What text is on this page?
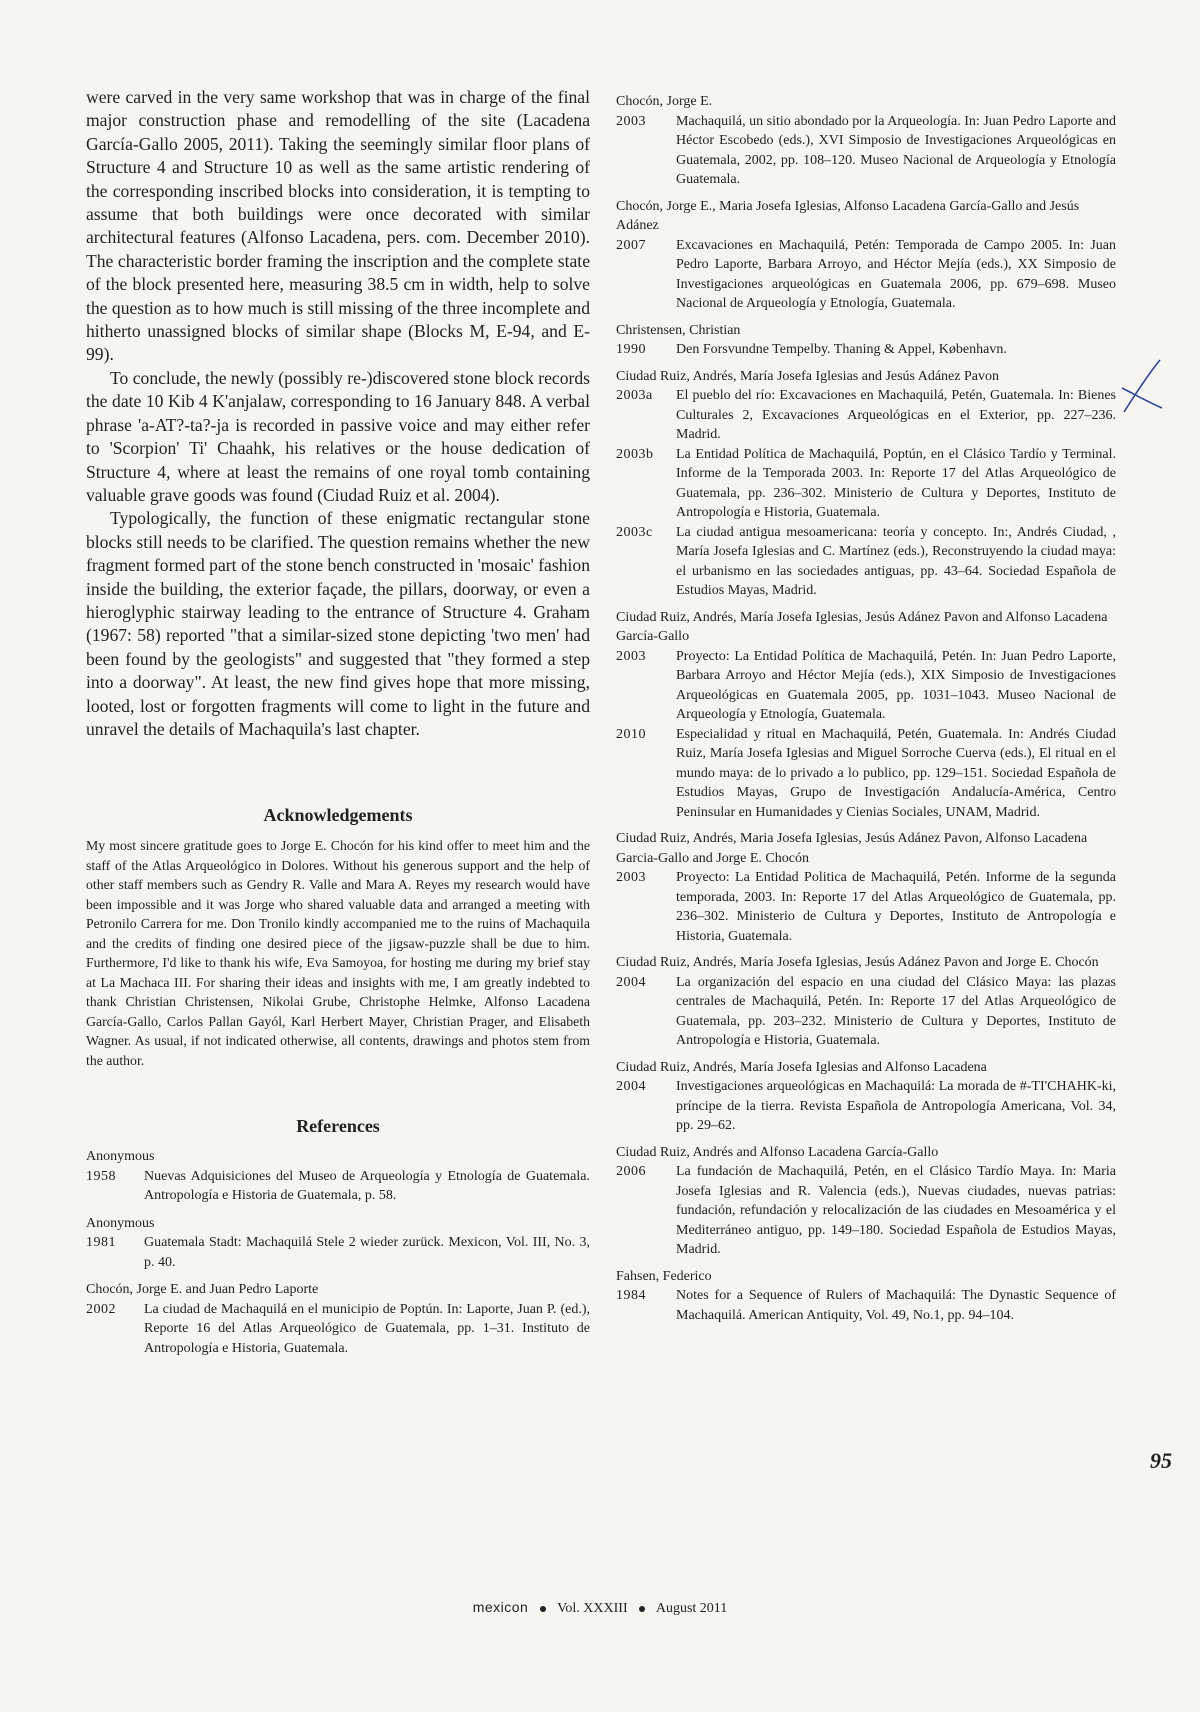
were carved in the very same workshop that was in charge of the final major construction phase and remodelling of the site (Lacadena García-Gallo 2005, 2011). Taking the seemingly similar floor plans of Structure 4 and Structure 10 as well as the same artistic rendering of the corresponding inscribed blocks into consideration, it is tempting to assume that both buildings were once decorated with similar architectural features (Alfonso Lacadena, pers. com. December 2010). The characteristic border framing the inscription and the complete state of the block presented here, measuring 38.5 cm in width, help to solve the question as to how much is still missing of the three incomplete and hitherto unassigned blocks of similar shape (Blocks M, E-94, and E-99).

To conclude, the newly (possibly re-)discovered stone block records the date 10 Kib 4 K'anjalaw, corresponding to 16 January 848. A verbal phrase 'a-AT?-ta?-ja is recorded in passive voice and may either refer to 'Scorpion' Ti' Chaahk, his relatives or the house dedication of Structure 4, where at least the remains of one royal tomb containing valuable grave goods was found (Ciudad Ruiz et al. 2004).

Typologically, the function of these enigmatic rectangular stone blocks still needs to be clarified. The question remains whether the new fragment formed part of the stone bench constructed in 'mosaic' fashion inside the building, the exterior façade, the pillars, doorway, or even a hieroglyphic stairway leading to the entrance of Structure 4. Graham (1967: 58) reported "that a similar-sized stone depicting 'two men' had been found by the geologists" and suggested that "they formed a step into a doorway". At least, the new find gives hope that more missing, looted, lost or forgotten fragments will come to light in the future and unravel the details of Machaquila's last chapter.

Acknowledgements

My most sincere gratitude goes to Jorge E. Chocón for his kind offer to meet him and the staff of the Atlas Arqueológico in Dolores. Without his generous support and the help of other staff members such as Gendry R. Valle and Mara A. Reyes my research would have been impossible and it was Jorge who shared valuable data and arranged a meeting with Petronilo Carrera for me. Don Tronilo kindly accompanied me to the ruins of Machaquila and the credits of finding one desired piece of the jigsaw-puzzle shall be due to him. Furthermore, I'd like to thank his wife, Eva Samoyoa, for hosting me during my brief stay at La Machaca III. For sharing their ideas and insights with me, I am greatly indebted to thank Christian Christensen, Nikolai Grube, Christophe Helmke, Alfonso Lacadena García-Gallo, Carlos Pallan Gayól, Karl Herbert Mayer, Christian Prager, and Elisabeth Wagner. As usual, if not indicated otherwise, all contents, drawings and photos stem from the author.

References
Anonymous
1958	Nuevas Adquisiciones del Museo de Arqueología y Etnología de Guatemala. Antropología e Historia de Guatemala, p. 58.
Anonymous
1981	Guatemala Stadt: Machaquilá Stele 2 wieder zurück. Mexicon, Vol. III, No. 3, p. 40.
Chocón, Jorge E. and Juan Pedro Laporte
2002	La ciudad de Machaquilá en el municipio de Poptún. In: Laporte, Juan P. (ed.), Reporte 16 del Atlas Arqueológico de Guatemala, pp. 1–31. Instituto de Antropología e Historia, Guatemala.
Chocón, Jorge E.
2003	Machaquilá, un sitio abondado por la Arqueología. In: Juan Pedro Laporte and Héctor Escobedo (eds.), XVI Simposio de Investigaciones Arqueológicas en Guatemala, 2002, pp. 108–120. Museo Nacional de Arqueología y Etnología Guatemala.
Chocón, Jorge E., Maria Josefa Iglesias, Alfonso Lacadena García-Gallo and Jesús Adánez
2007	Excavaciones en Machaquilá, Petén: Temporada de Campo 2005. In: Juan Pedro Laporte, Barbara Arroyo, and Héctor Mejía (eds.), XX Simposio de Investigaciones arqueológicas en Guatemala 2006, pp. 679–698. Museo Nacional de Arqueología y Etnología, Guatemala.
Christensen, Christian
1990	Den Forsvundne Tempelby. Thaning & Appel, København.
Ciudad Ruiz, Andrés, María Josefa Iglesias and Jesús Adánez Pavon
2003a	El pueblo del río: Excavaciones en Machaquilá, Petén, Guatemala. In: Bienes Culturales 2, Excavaciones Arqueológicas en el Exterior, pp. 227–236. Madrid.
2003b	La Entidad Política de Machaquilá, Poptún, en el Clásico Tardío y Terminal. Informe de la Temporada 2003. In: Reporte 17 del Atlas Arqueológico de Guatemala, pp. 236–302. Ministerio de Cultura y Deportes, Instituto de Antropología e Historia, Guatemala.
2003c	La ciudad antigua mesoamericana: teoría y concepto. In:, Andrés Ciudad, , María Josefa Iglesias and C. Martínez (eds.), Reconstruyendo la ciudad maya: el urbanismo en las sociedades antiguas, pp. 43–64. Sociedad Española de Estudios Mayas, Madrid.
Ciudad Ruiz, Andrés, María Josefa Iglesias, Jesús Adánez Pavon and Alfonso Lacadena García-Gallo
2003	Proyecto: La Entidad Política de Machaquilá, Petén. In: Juan Pedro Laporte, Barbara Arroyo and Héctor Mejía (eds.), XIX Simposio de Investigaciones Arqueológicas en Guatemala 2005, pp. 1031–1043. Museo Nacional de Arqueología y Etnología, Guatemala.
2010	Especialidad y ritual en Machaquilá, Petén, Guatemala. In: Andrés Ciudad Ruiz, María Josefa Iglesias and Miguel Sorroche Cuerva (eds.), El ritual en el mundo maya: de lo privado a lo publico, pp. 129–151. Sociedad Española de Estudios Mayas, Grupo de Investigación Andalucía-América, Centro Peninsular en Humanidades y Cienias Sociales, UNAM, Madrid.
Ciudad Ruiz, Andrés, Maria Josefa Iglesias, Jesús Adánez Pavon, Alfonso Lacadena Garcia-Gallo and Jorge E. Chocón
2003	Proyecto: La Entidad Politica de Machaquilá, Petén. Informe de la segunda temporada, 2003. In: Reporte 17 del Atlas Arqueológico de Guatemala, pp. 236–302. Ministerio de Cultura y Deportes, Instituto de Antropología e Historia, Guatemala.
Ciudad Ruiz, Andrés, María Josefa Iglesias, Jesús Adánez Pavon and Jorge E. Chocón
2004	La organización del espacio en una ciudad del Clásico Maya: las plazas centrales de Machaquilá, Petén. In: Reporte 17 del Atlas Arqueológico de Guatemala, pp. 203–232. Ministerio de Cultura y Deportes, Instituto de Antropología e Historia, Guatemala.
Ciudad Ruiz, Andrés, María Josefa Iglesias and Alfonso Lacadena
2004	Investigaciones arqueológicas en Machaquilá: La morada de #-TI'CHAHK-ki, príncipe de la tierra. Revista Española de Antropología Americana, Vol. 34, pp. 29–62.
Ciudad Ruiz, Andrés and Alfonso Lacadena García-Gallo
2006	La fundación de Machaquilá, Petén, en el Clásico Tardío Maya. In: Maria Josefa Iglesias and R. Valencia (eds.), Nuevas ciudades, nuevas patrias: fundación, refundación y relocalización de las ciudades en Mesoamérica y el Mediterráneo antiguo, pp. 149–180. Sociedad Española de Estudios Mayas, Madrid.
Fahsen, Federico
1984	Notes for a Sequence of Rulers of Machaquilá: The Dynastic Sequence of Machaquilá. American Antiquity, Vol. 49, No.1, pp. 94–104.
95
mexicon Vol. XXXIII August 2011
